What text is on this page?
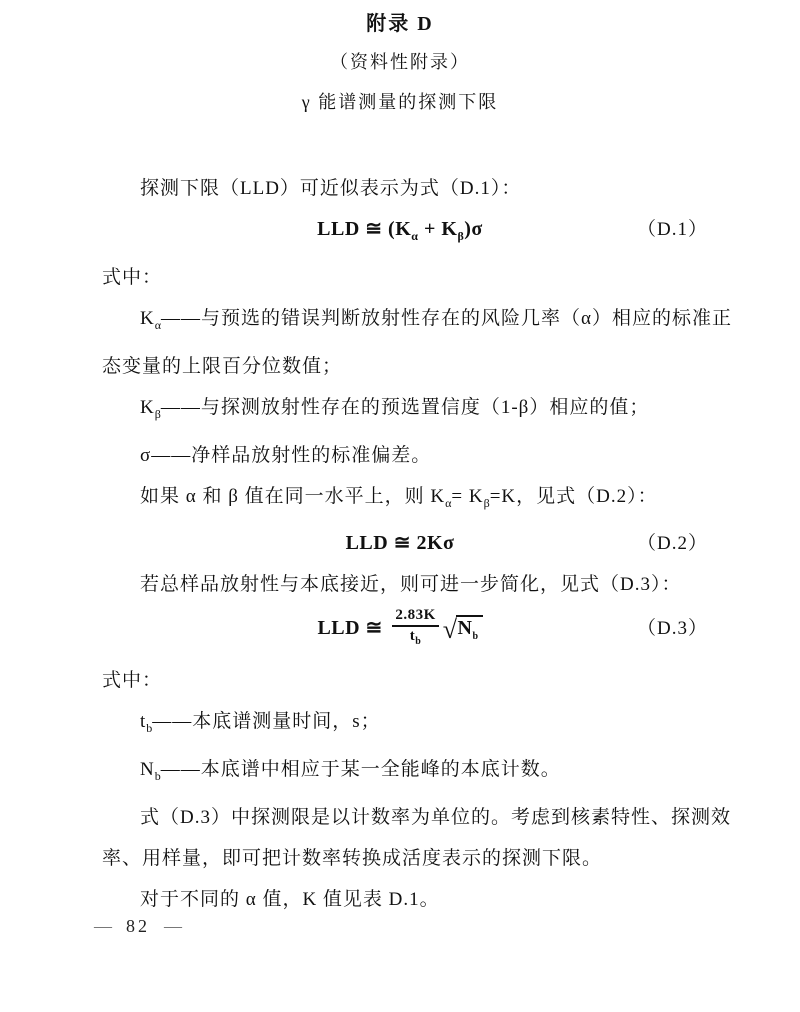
附录 D
（资料性附录）
γ 能谱测量的探测下限

探测下限（LLD）可近似表示为式（D.1）：

LLD ≅ $(K_\alpha + K_\beta)\sigma$	（D.1）

式中：

$K_\alpha——$与预选的错误判断放射性存在的风险几率（α）相应的标准正

态变量的上限百分位数值；

$K_\beta——$与探测放射性存在的预选置信度（1-β）相应的值；

σ——净样品放射性的标准偏差。

如果 α 和 β 值在同一水平上，则 $K_\alpha= K_\beta=K$，见式（D.2）：

LLD ≅ 2Kσ	（D.2）

若总样品放射性与本底接近，则可进一步简化，见式（D.3）：

LLD ≅ $\frac{2.83K}{t_b} √N_b$	（D.3）

式中：

$t_b——$本底谱测量时间，s；

$N_b——$本底谱中相应于某一全能峰的本底计数。

式（D.3）中探测限是以计数率为单位的。考虑到核素特性、探测效

率、用样量，即可把计数率转换成活度表示的探测下限。

对于不同的 α 值，K 值见表 D.1。

— 82 —
